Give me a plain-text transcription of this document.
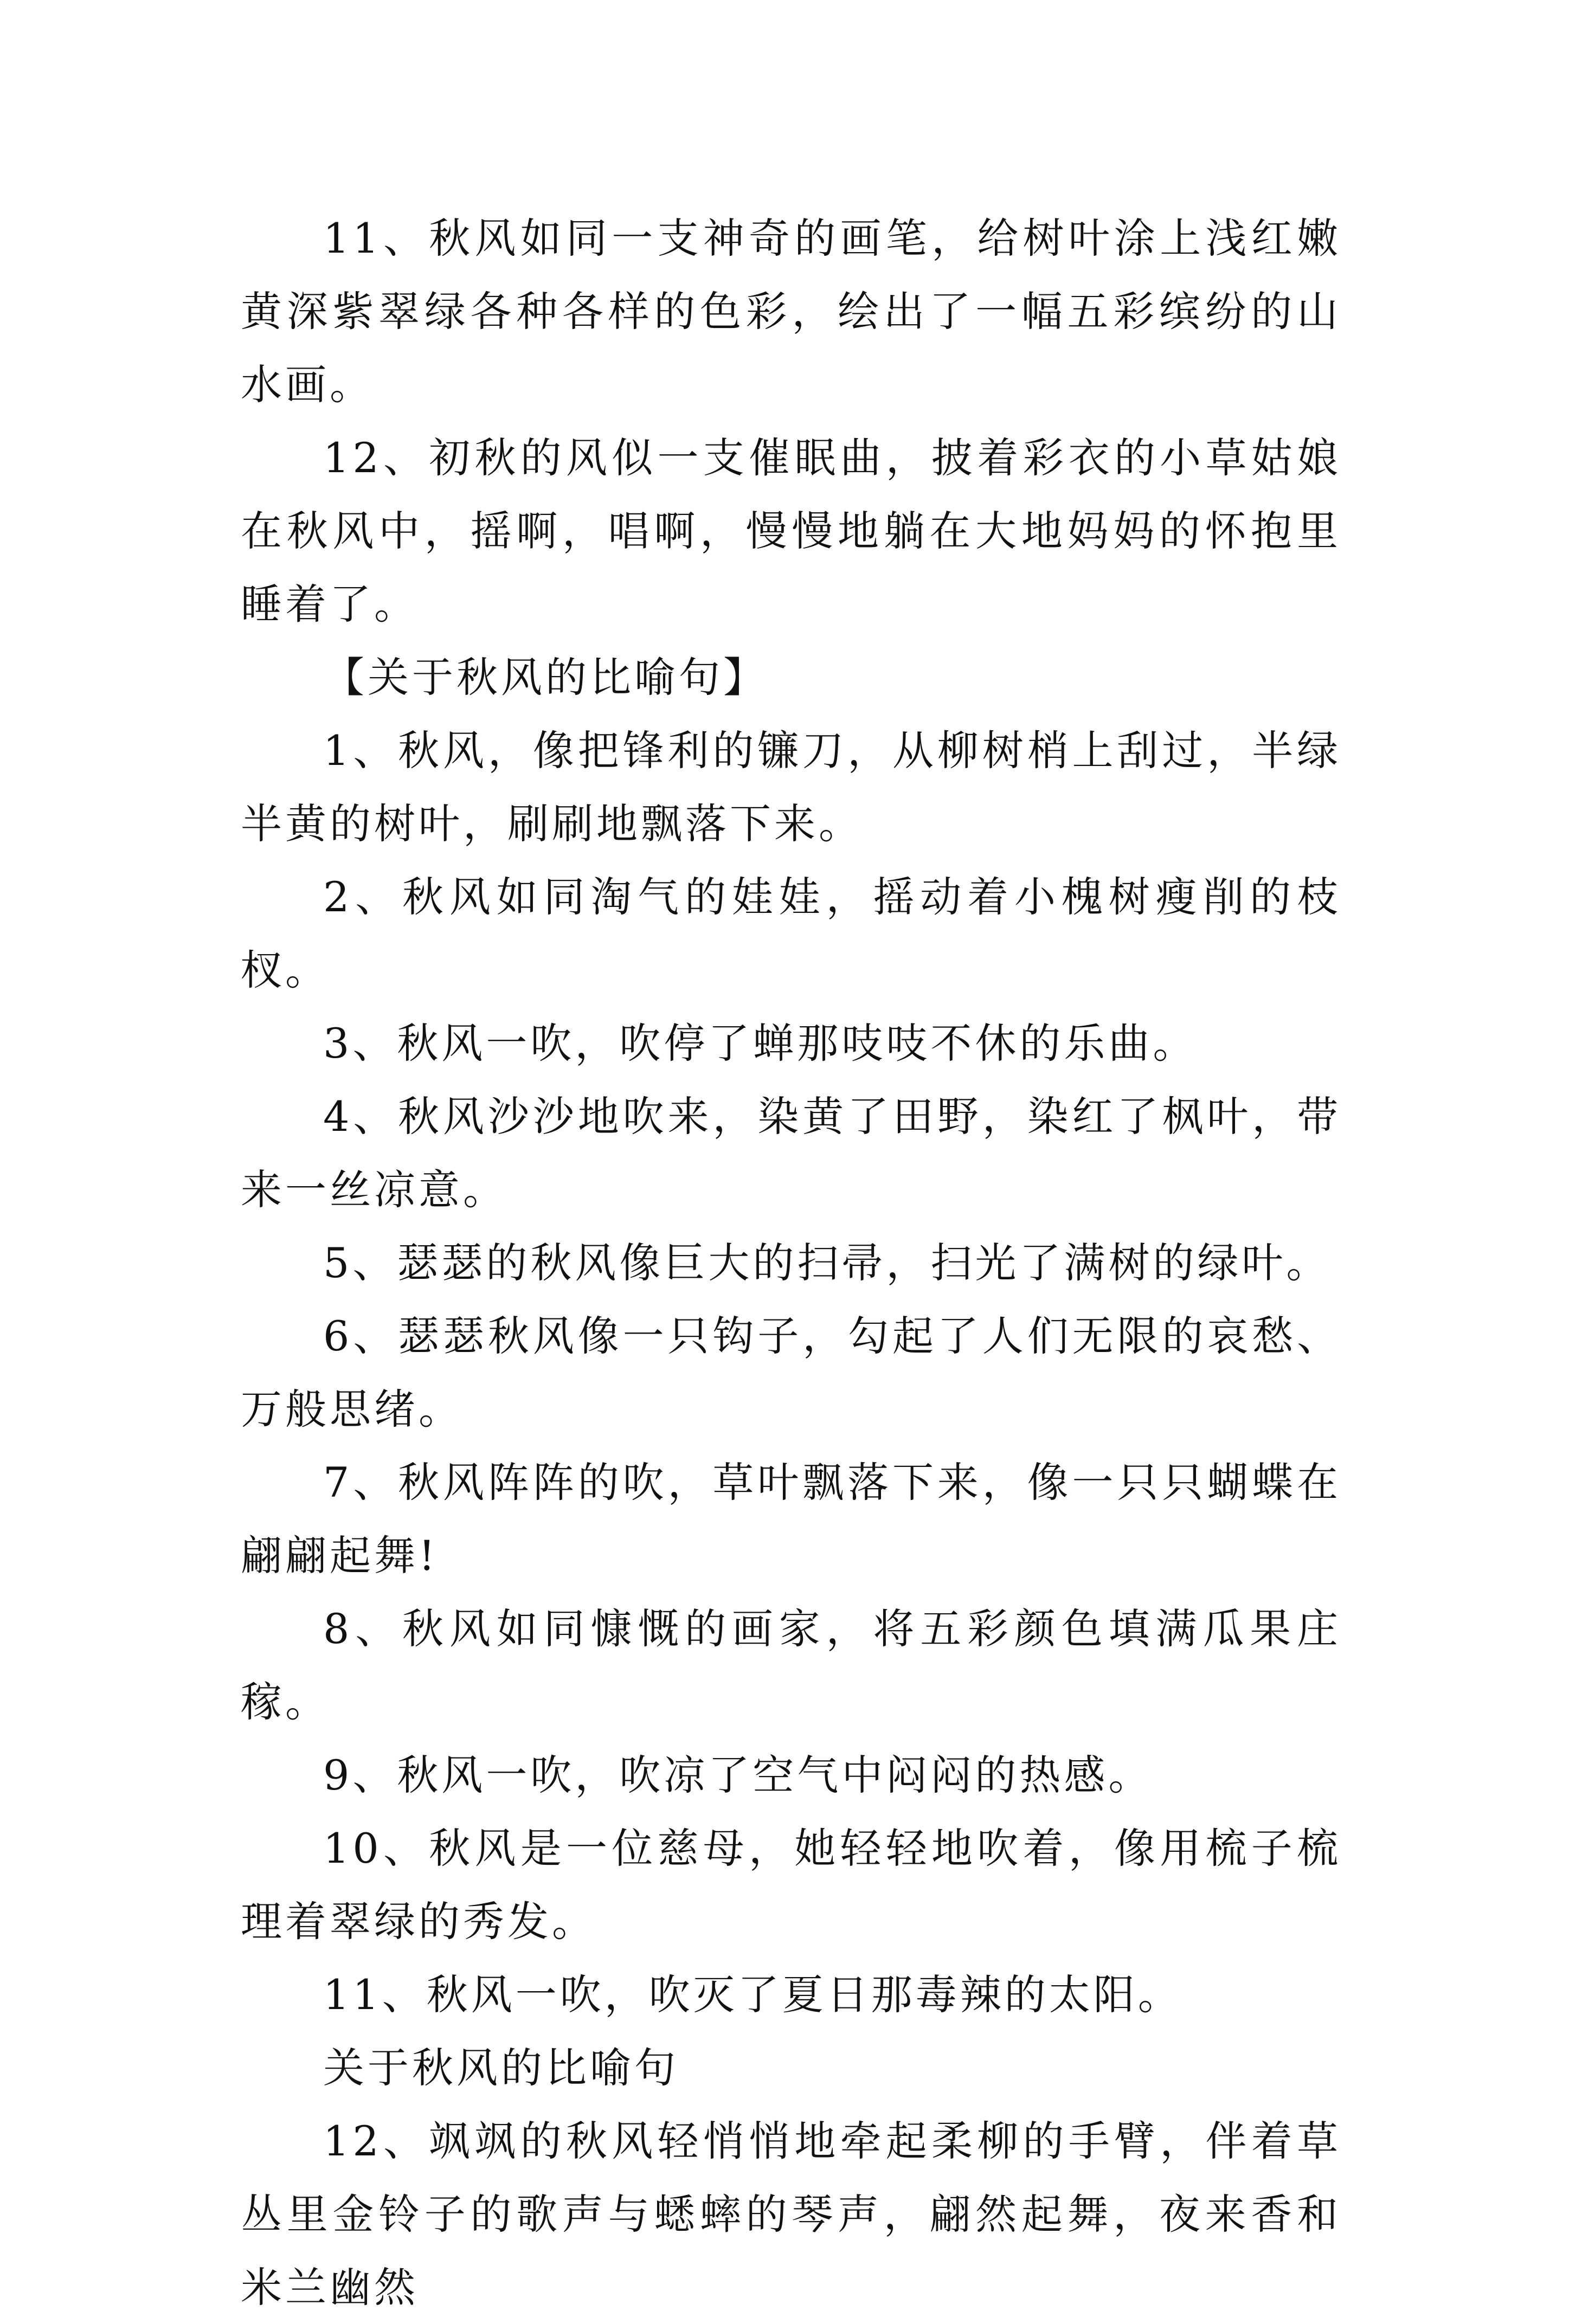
11、秋风如同一支神奇的画笔，给树叶涂上浅红嫩黄深紫翠绿各种各样的色彩，绘出了一幅五彩缤纷的山水画。

12、初秋的风似一支催眠曲，披着彩衣的小草姑娘在秋风中，摇啊，唱啊，慢慢地躺在大地妈妈的怀抱里睡着了。

【关于秋风的比喻句】

1、秋风，像把锋利的镰刀，从柳树梢上刮过，半绿半黄的树叶，刷刷地飘落下来。

2、秋风如同淘气的娃娃，摇动着小槐树瘦削的枝杈。

3、秋风一吹，吹停了蝉那吱吱不休的乐曲。

4、秋风沙沙地吹来，染黄了田野，染红了枫叶，带来一丝凉意。

5、瑟瑟的秋风像巨大的扫帚，扫光了满树的绿叶。

6、瑟瑟秋风像一只钩子，勾起了人们无限的哀愁、万般思绪。

7、秋风阵阵的吹，草叶飘落下来，像一只只蝴蝶在翩翩起舞!

8、秋风如同慷慨的画家，将五彩颜色填满瓜果庄稼。

9、秋风一吹，吹凉了空气中闷闷的热感。

10、秋风是一位慈母，她轻轻地吹着，像用梳子梳理着翠绿的秀发。

11、秋风一吹，吹灭了夏日那毒辣的太阳。

关于秋风的比喻句

12、飒飒的秋风轻悄悄地牵起柔柳的手臂，伴着草丛里金铃子的歌声与蟋蟀的琴声，翩然起舞，夜来香和米兰幽然
